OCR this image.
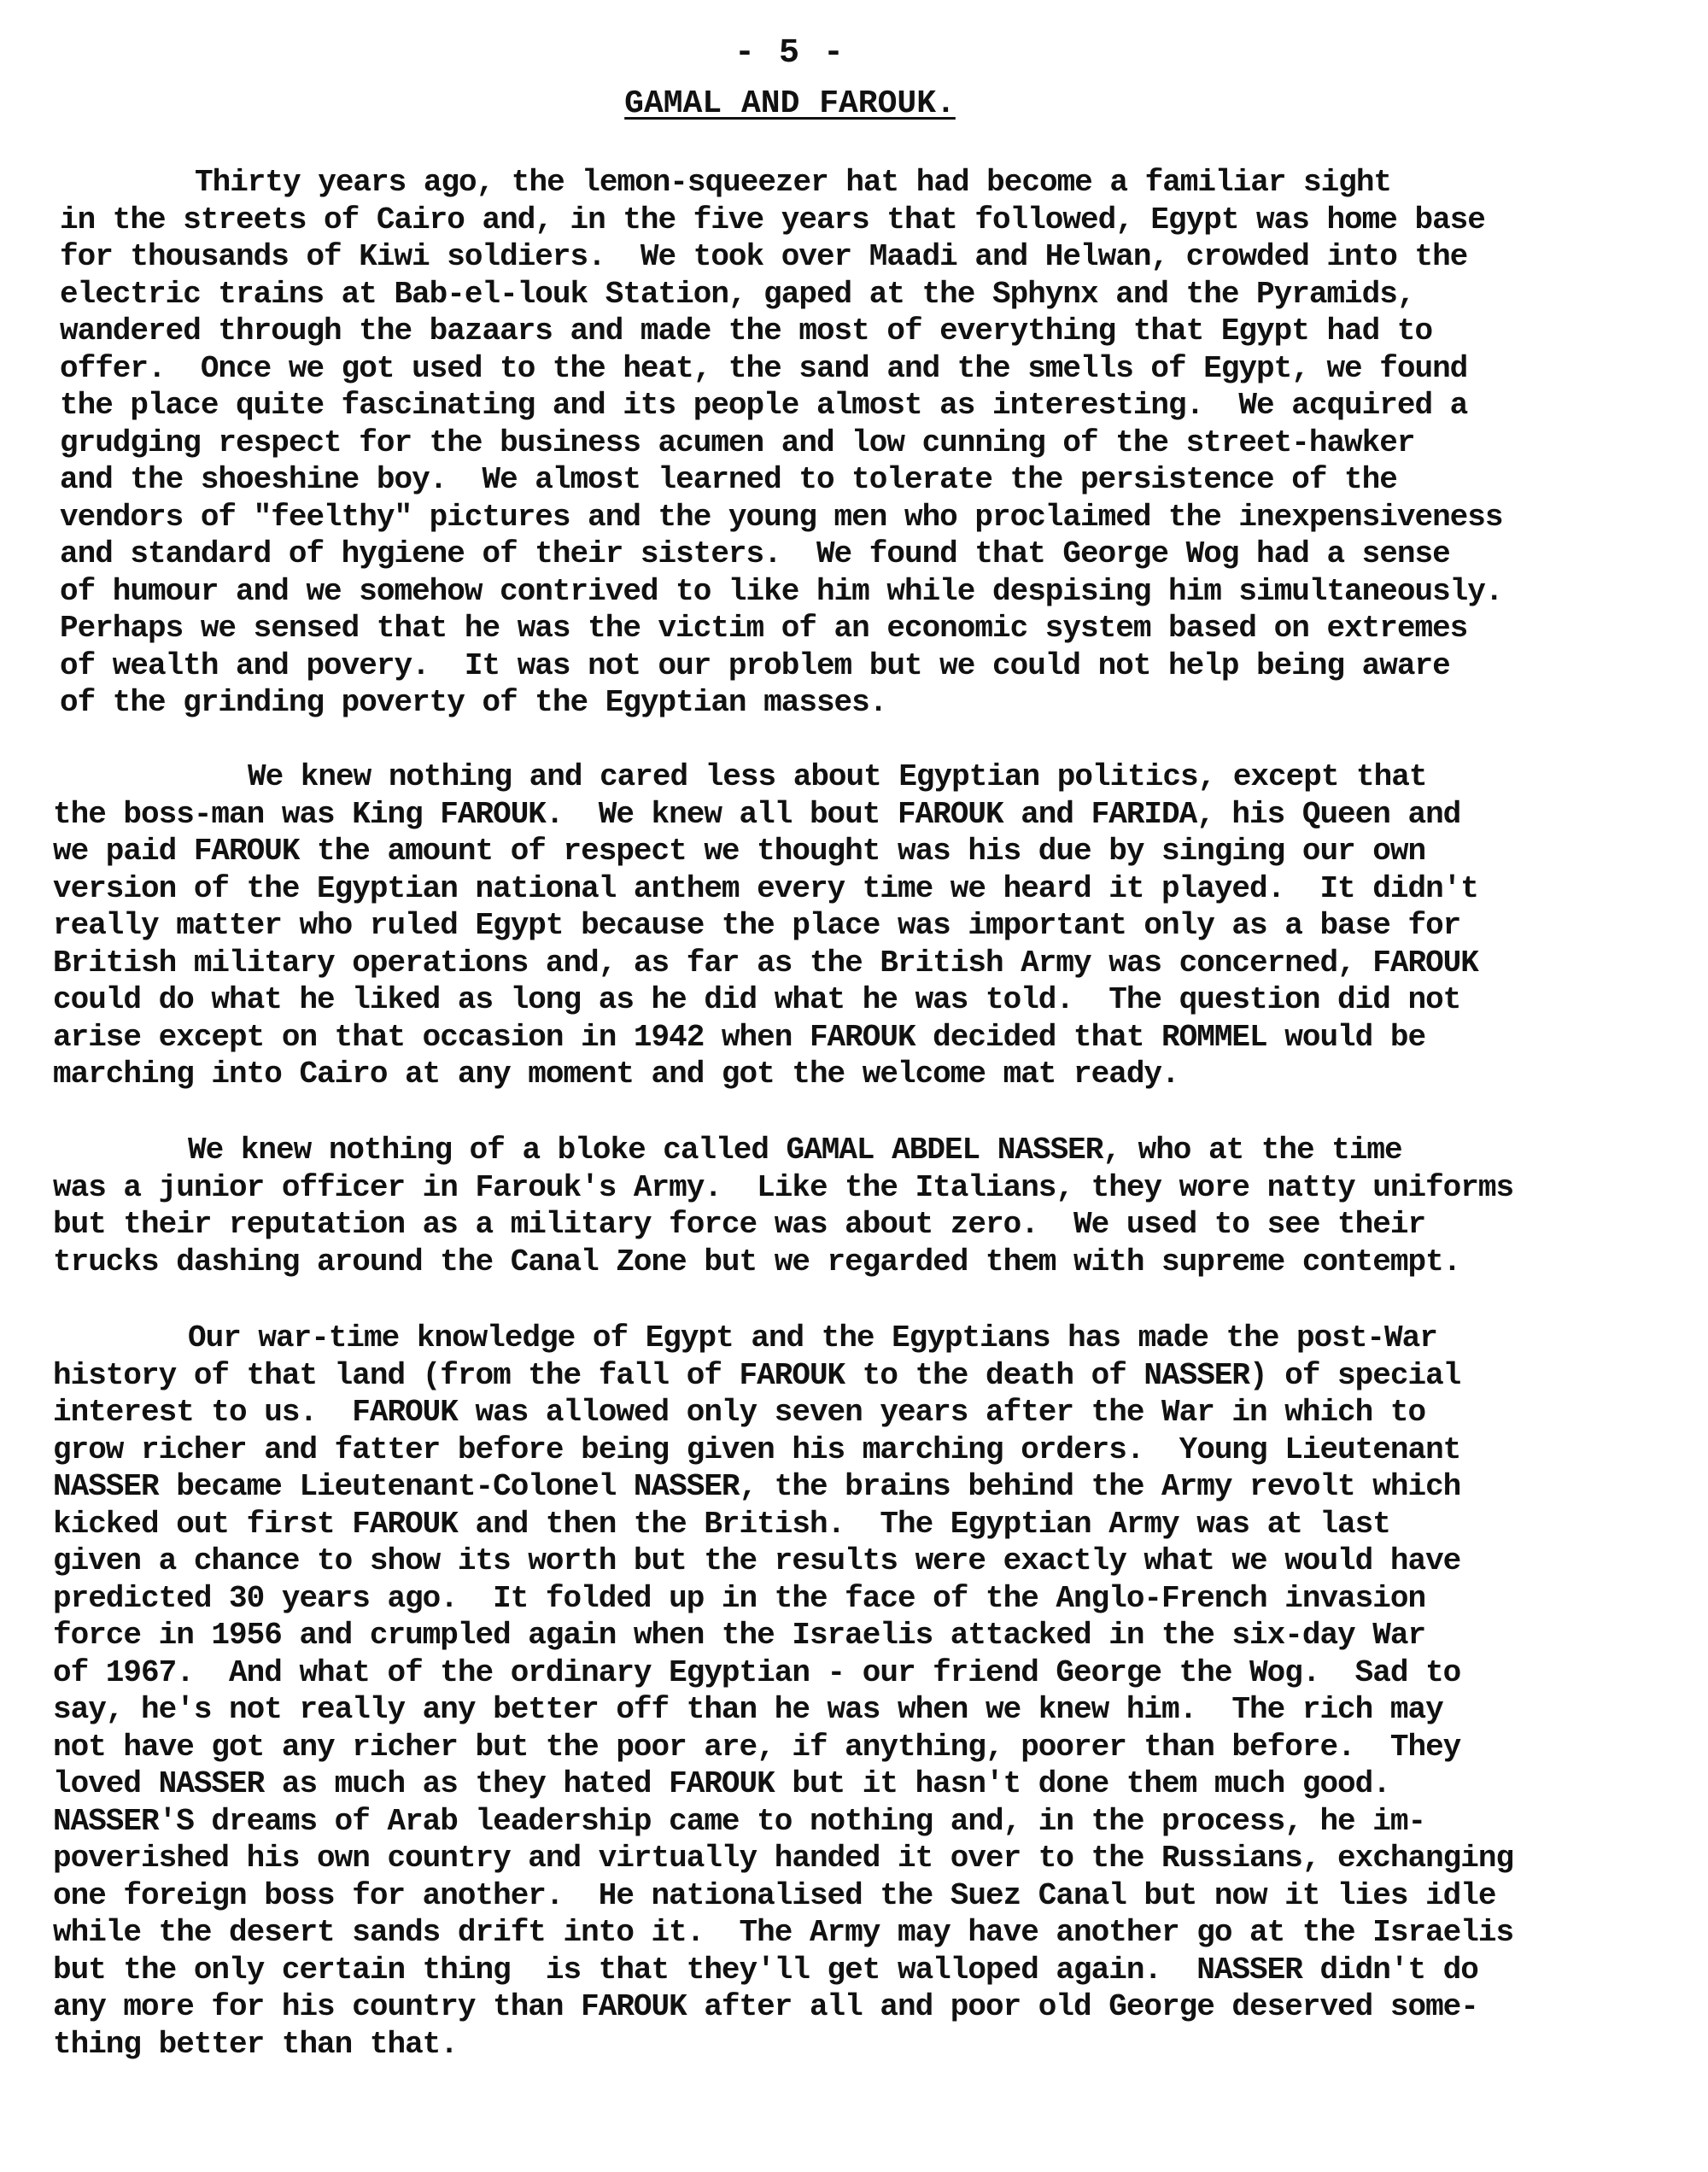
- 5 -
GAMAL AND FAROUK.
Thirty years ago, the lemon-squeezer hat had become a familiar sight
in the streets of Cairo and, in the five years that followed, Egypt was home base
for thousands of Kiwi soldiers.  We took over Maadi and Helwan, crowded into the
electric trains at Bab-el-louk Station, gaped at the Sphynx and the Pyramids,
wandered through the bazaars and made the most of everything that Egypt had to
offer.  Once we got used to the heat, the sand and the smells of Egypt, we found
the place quite fascinating and its people almost as interesting.  We acquired a
grudging respect for the business acumen and low cunning of the street-hawker
and the shoeshine boy.  We almost learned to tolerate the persistence of the
vendors of "feelthy" pictures and the young men who proclaimed the inexpensiveness
and standard of hygiene of their sisters.  We found that George Wog had a sense
of humour and we somehow contrived to like him while despising him simultaneously.
Perhaps we sensed that he was the victim of an economic system based on extremes
of wealth and povery.  It was not our problem but we could not help being aware
of the grinding poverty of the Egyptian masses.
We knew nothing and cared less about Egyptian politics, except that
the boss-man was King FAROUK.  We knew all bout FAROUK and FARIDA, his Queen and
we paid FAROUK the amount of respect we thought was his due by singing our own
version of the Egyptian national anthem every time we heard it played.  It didn't
really matter who ruled Egypt because the place was important only as a base for
British military operations and, as far as the British Army was concerned, FAROUK
could do what he liked as long as he did what he was told.  The question did not
arise except on that occasion in 1942 when FAROUK decided that ROMMEL would be
marching into Cairo at any moment and got the welcome mat ready.
We knew nothing of a bloke called GAMAL ABDEL NASSER, who at the time
was a junior officer in Farouk's Army.  Like the Italians, they wore natty uniforms
but their reputation as a military force was about zero.  We used to see their
trucks dashing around the Canal Zone but we regarded them with supreme contempt.
Our war-time knowledge of Egypt and the Egyptians has made the post-War
history of that land (from the fall of FAROUK to the death of NASSER) of special
interest to us.  FAROUK was allowed only seven years after the War in which to
grow richer and fatter before being given his marching orders.  Young Lieutenant
NASSER became Lieutenant-Colonel NASSER, the brains behind the Army revolt which
kicked out first FAROUK and then the British.  The Egyptian Army was at last
given a chance to show its worth but the results were exactly what we would have
predicted 30 years ago.  It folded up in the face of the Anglo-French invasion
force in 1956 and crumpled again when the Israelis attacked in the six-day War
of 1967.  And what of the ordinary Egyptian - our friend George the Wog.  Sad to
say, he's not really any better off than he was when we knew him.  The rich may
not have got any richer but the poor are, if anything, poorer than before.  They
loved NASSER as much as they hated FAROUK but it hasn't done them much good.
NASSER'S dreams of Arab leadership came to nothing and, in the process, he im-
poverished his own country and virtually handed it over to the Russians, exchanging
one foreign boss for another.  He nationalised the Suez Canal but now it lies idle
while the desert sands drift into it.  The Army may have another go at the Israelis
but the only certain thing  is that they'll get walloped again.  NASSER didn't do
any more for his country than FAROUK after all and poor old George deserved some-
thing better than that.
